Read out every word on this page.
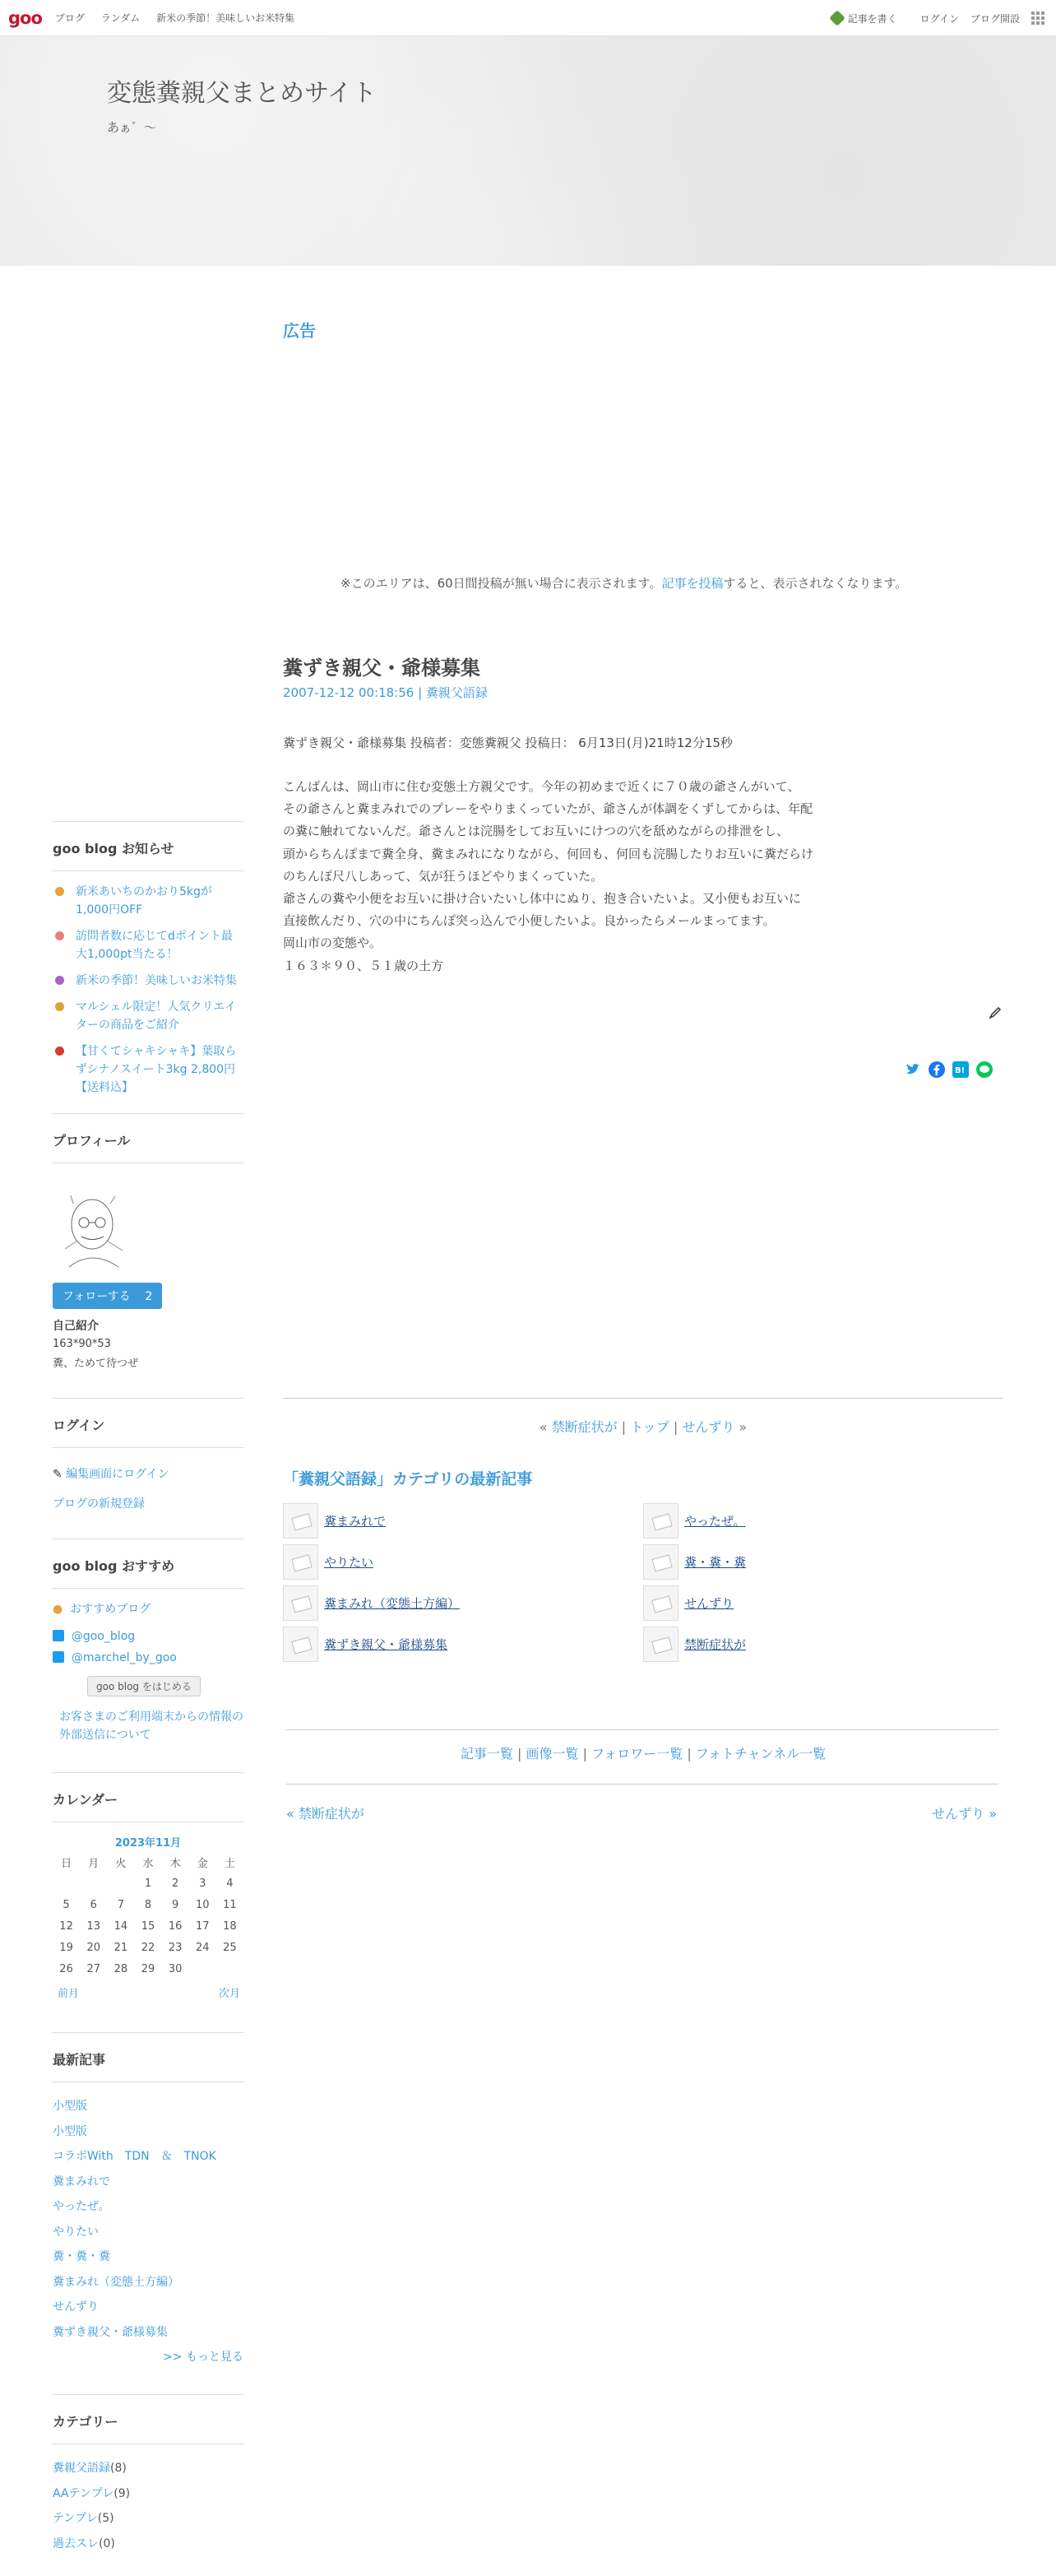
goo	ブログ ランダム 新米の季節！美味しいお米特集	記事を書く ログイン ブログ開設
変態糞親父まとめサイト
あぁ゛～
広告
※このエリアは、60日間投稿が無い場合に表示されます。記事を投稿すると、表示されなくなります。
糞ずき親父・爺様募集
2007-12-12 00:18:56 | 糞親父語録
糞ずき親父・爺様募集 投稿者：変態糞親父 投稿日： 6月13日(月)21時12分15秒
こんばんは、岡山市に住む変態土方親父です。今年の初めまで近くに７０歳の爺さんがいて、
その爺さんと糞まみれでのプレーをやりまくっていたが、爺さんが体調をくずしてからは、年配
の糞に触れてないんだ。爺さんとは浣腸をしてお互いにけつの穴を舐めながらの排泄をし、
頭からちんぽまで糞全身、糞まみれになりながら、何回も、何回も浣腸したりお互いに糞だらけ
のちんぽ尺八しあって、気が狂うほどやりまくっていた。
爺さんの糞や小便をお互いに掛け合いたいし体中にぬり、抱き合いたいよ。又小便もお互いに
直接飲んだり、穴の中にちんぽ突っ込んで小便したいよ。良かったらメールまってます。
岡山市の変態や。
１６３＊９０、５１歳の土方
B!
« 禁断症状が | トップ | せんずり »
「糞親父語録」カテゴリの最新記事
糞まみれで	やったぜ。
やりたい	糞・糞・糞
糞まみれ（変態土方編）	せんずり
糞ずき親父・爺様募集	禁断症状が
記事一覧 | 画像一覧 | フォロワー一覧 | フォトチャンネル一覧
« 禁断症状が	せんずり »
goo blog お知らせ
新米あいちのかおり5kgが1,000円OFF
訪問者数に応じてdポイント最大1,000pt当たる！
新米の季節！美味しいお米特集
マルシェル限定！人気クリエイターの商品をご紹介
【甘くてシャキシャキ】葉取らずシナノスイート3kg 2,800円【送料込】
プロフィール
フォローする 2
自己紹介
163*90*53
糞、ためて待つぜ
ログイン
✎ 編集画面にログイン
ブログの新規登録
goo blog おすすめ
● おすすめブログ
@goo_blog
@marchel_by_goo
goo blog をはじめる
お客さまのご利用端末からの情報の外部送信について
カレンダー
2023年11月
日	月	火	水	木	金	土
			1	2	3	4
5	6	7	8	9	10	11
12	13	14	15	16	17	18
19	20	21	22	23	24	25
26	27	28	29	30		
前月	次月
最新記事
小型版
小型版
コラボWith　TDN　＆　TNOK
糞まみれで
やったぜ。
やりたい
糞・糞・糞
糞まみれ（変態土方編）
せんずり
糞ずき親父・爺様募集
>> もっと見る
カテゴリー
糞親父語録(8)
AAテンプレ(9)
テンプレ(5)
過去スレ(0)
